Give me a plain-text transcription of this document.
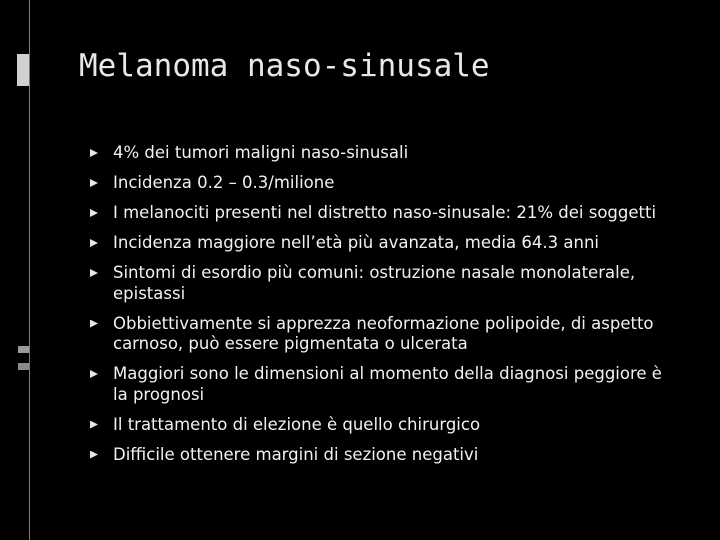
Melanoma naso-sinusale
4% dei tumori maligni naso-sinusali
Incidenza 0.2 – 0.3/milione
I melanociti presenti nel distretto naso-sinusale: 21% dei soggetti
Incidenza maggiore nell’età più avanzata, media 64.3 anni
Sintomi di esordio più comuni: ostruzione nasale monolaterale, epistassi
Obbiettivamente si apprezza neoformazione polipoide, di aspetto carnoso, può essere pigmentata o ulcerata
Maggiori sono le dimensioni al momento della diagnosi peggiore è la prognosi
Il trattamento di elezione è quello chirurgico
Difficile ottenere margini di sezione negativi
